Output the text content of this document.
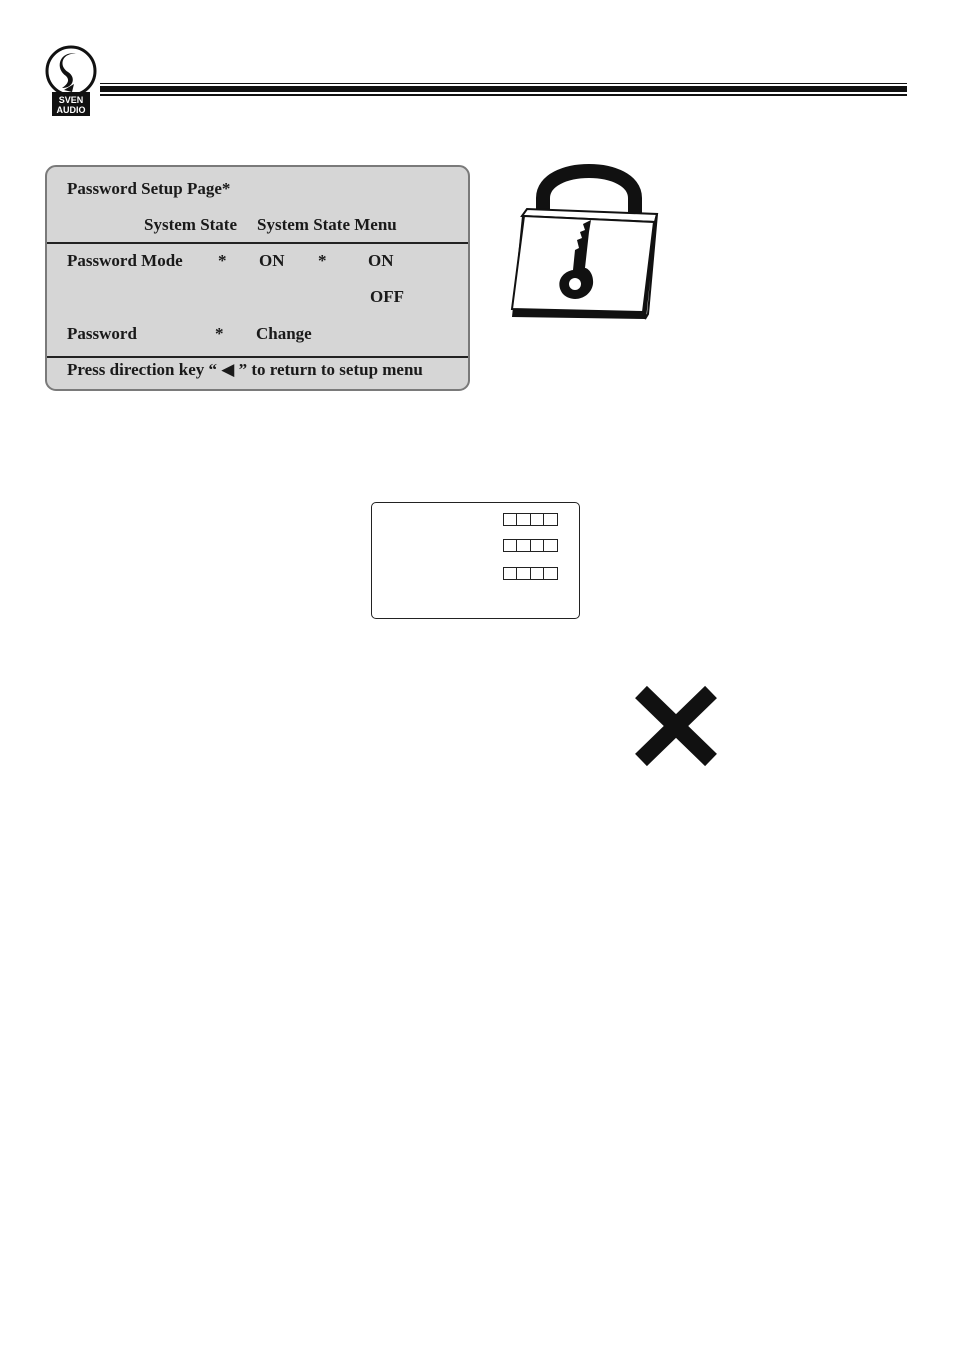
SVEN
AUDIO
Password Setup Page*
System State System State Menu
Password Mode * ON * ON
OFF
Password	* Change
Press direction key “ ◀ ” to return to setup menu
